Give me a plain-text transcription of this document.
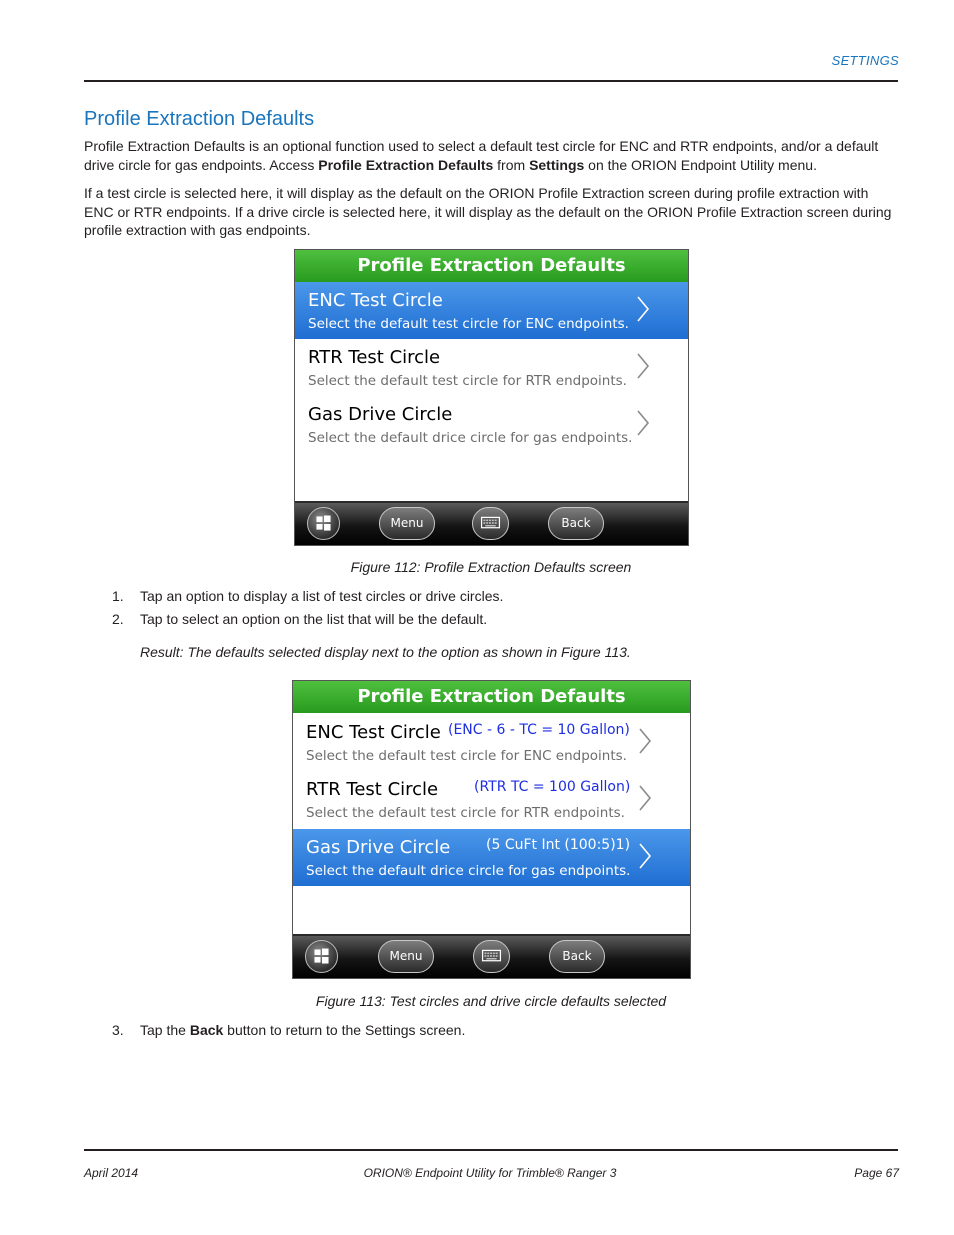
SETTINGS
Profile Extraction Defaults
Profile Extraction Defaults is an optional function used to select a default test circle for ENC and RTR endpoints, and/or a default drive circle for gas endpoints. Access Profile Extraction Defaults from Settings on the ORION Endpoint Utility menu.
If a test circle is selected here, it will display as the default on the ORION Profile Extraction screen during profile extraction with ENC or RTR endpoints. If a drive circle is selected here, it will display as the default on the ORION Profile Extraction screen during profile extraction with gas endpoints.
Profile Extraction Defaults
ENC Test Circle
Select the default test circle for ENC endpoints.
RTR Test Circle
Select the default test circle for RTR endpoints.
Gas Drive Circle
Select the default drice circle for gas endpoints.
Menu	Back
Figure 112: Profile Extraction Defaults screen
1. Tap an option to display a list of test circles or drive circles.
2. Tap to select an option on the list that will be the default.
Result: The defaults selected display next to the option as shown in Figure 113.
Profile Extraction Defaults
ENC Test Circle (ENC - 6 - TC = 10 Gallon)
Select the default test circle for ENC endpoints.
RTR Test Circle	(RTR TC = 100 Gallon)
Select the default test circle for RTR endpoints.
Gas Drive Circle	(5 CuFt Int (100:5)1)
Select the default drice circle for gas endpoints.
Menu	Back
Figure 113: Test circles and drive circle defaults selected
3. Tap the Back button to return to the Settings screen.
April 2014	ORION® Endpoint Utility for Trimble® Ranger 3	Page 67
